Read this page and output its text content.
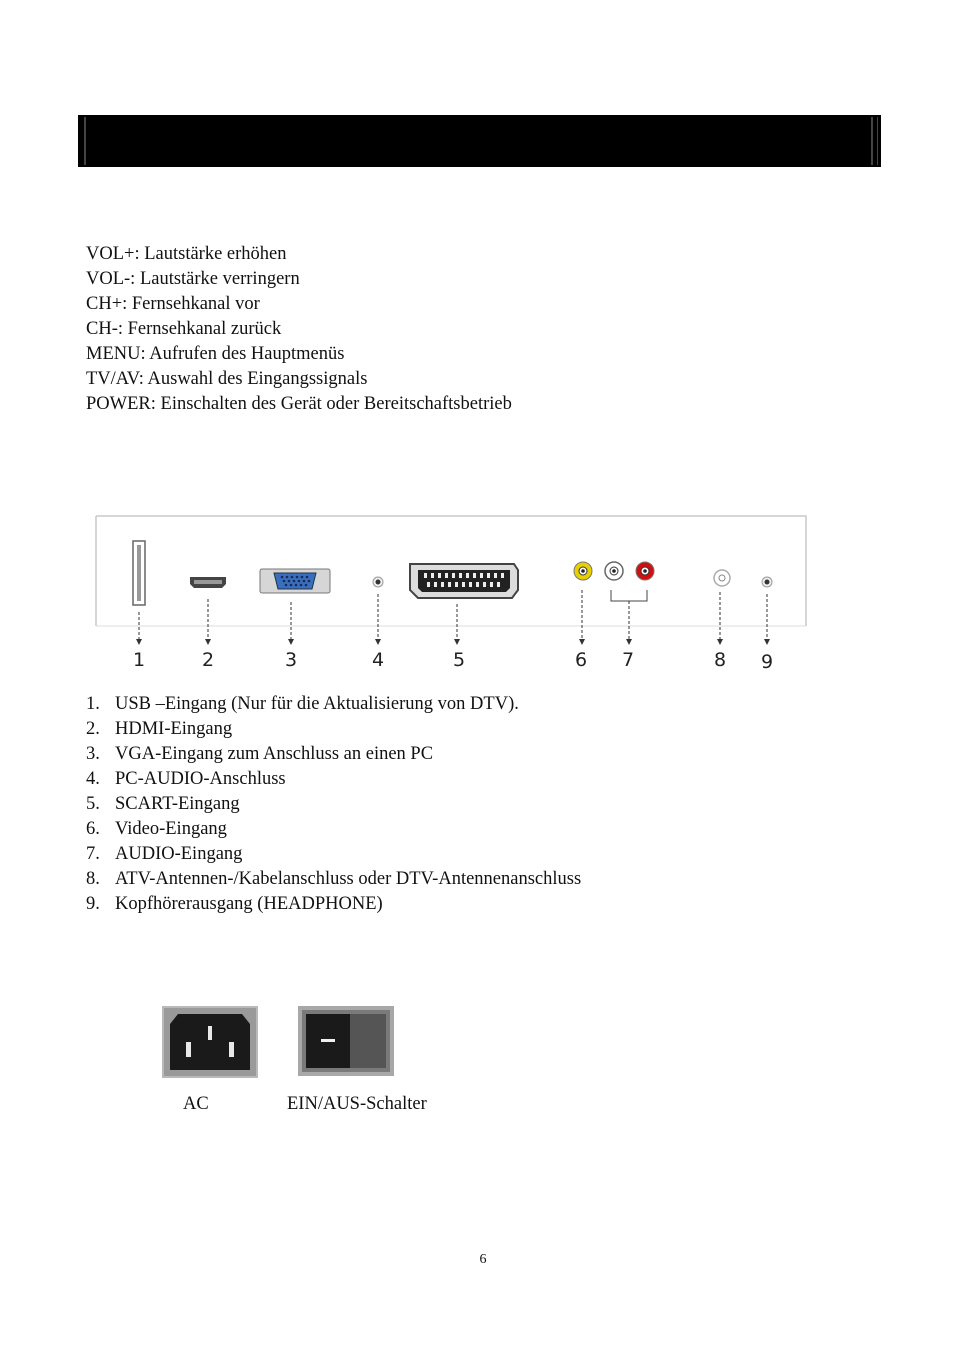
VOL+: Lautstärke erhöhen
VOL-: Lautstärke verringern
CH+: Fernsehkanal vor
CH-: Fernsehkanal zurück
MENU: Aufrufen des Hauptmenüs
TV/AV: Auswahl des Eingangssignals
POWER: Einschalten des Gerät oder Bereitschaftsbetrieb
1	2	3	4	5	6 7	8 9
1. USB –Eingang (Nur für die Aktualisierung von DTV).
2. HDMI-Eingang
3. VGA-Eingang zum Anschluss an einen PC
4. PC-AUDIO-Anschluss
5. SCART-Eingang
6. Video-Eingang
7. AUDIO-Eingang
8. ATV-Antennen-/Kabelanschluss oder DTV-Antennenanschluss
9. Kopfhörerausgang (HEADPHONE)
AC	EIN/AUS-Schalter
6
